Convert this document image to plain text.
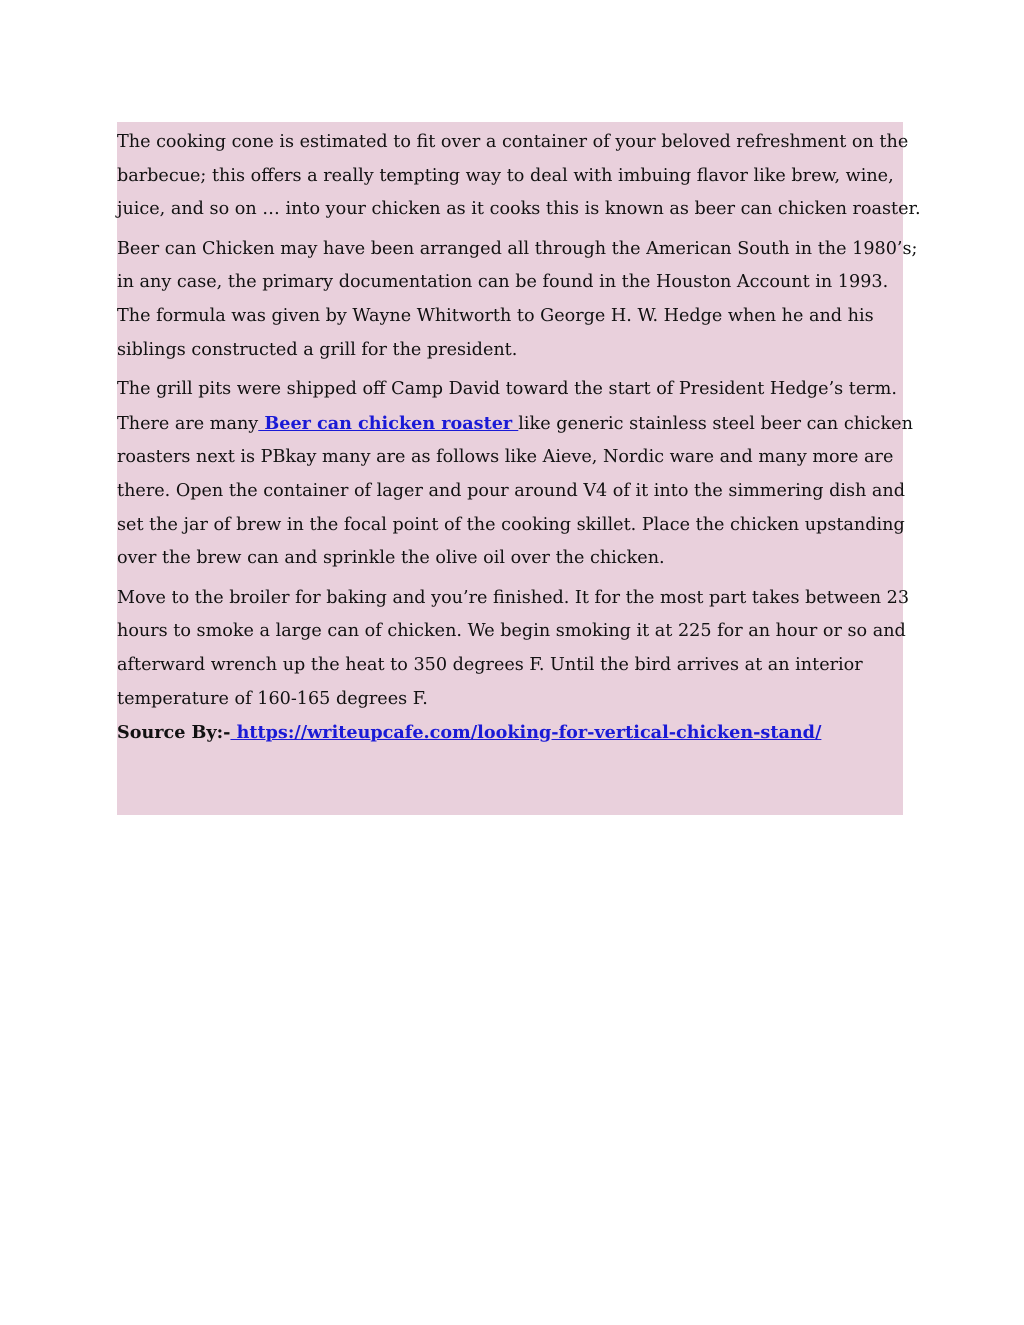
The cooking cone is estimated to fit over a container of your beloved refreshment on the
barbecue; this offers a really tempting way to deal with imbuing flavor like brew, wine,
juice, and so on … into your chicken as it cooks this is known as beer can chicken roaster.

Beer can Chicken may have been arranged all through the American South in the 1980’s;
in any case, the primary documentation can be found in the Houston Account in 1993.
The formula was given by Wayne Whitworth to George H. W. Hedge when he and his
siblings constructed a grill for the president.

The grill pits were shipped off Camp David toward the start of President Hedge’s term.
There are many Beer can chicken roaster like generic stainless steel beer can chicken
roasters next is PBkay many are as follows like Aieve, Nordic ware and many more are
there. Open the container of lager and pour around V4 of it into the simmering dish and
set the jar of brew in the focal point of the cooking skillet. Place the chicken upstanding
over the brew can and sprinkle the olive oil over the chicken.

Move to the broiler for baking and you’re finished. It for the most part takes between 23
hours to smoke a large can of chicken. We begin smoking it at 225 for an hour or so and
afterward wrench up the heat to 350 degrees F. Until the bird arrives at an interior
temperature of 160-165 degrees F.

Source By:- https://writeupcafe.com/looking-for-vertical-chicken-stand/
